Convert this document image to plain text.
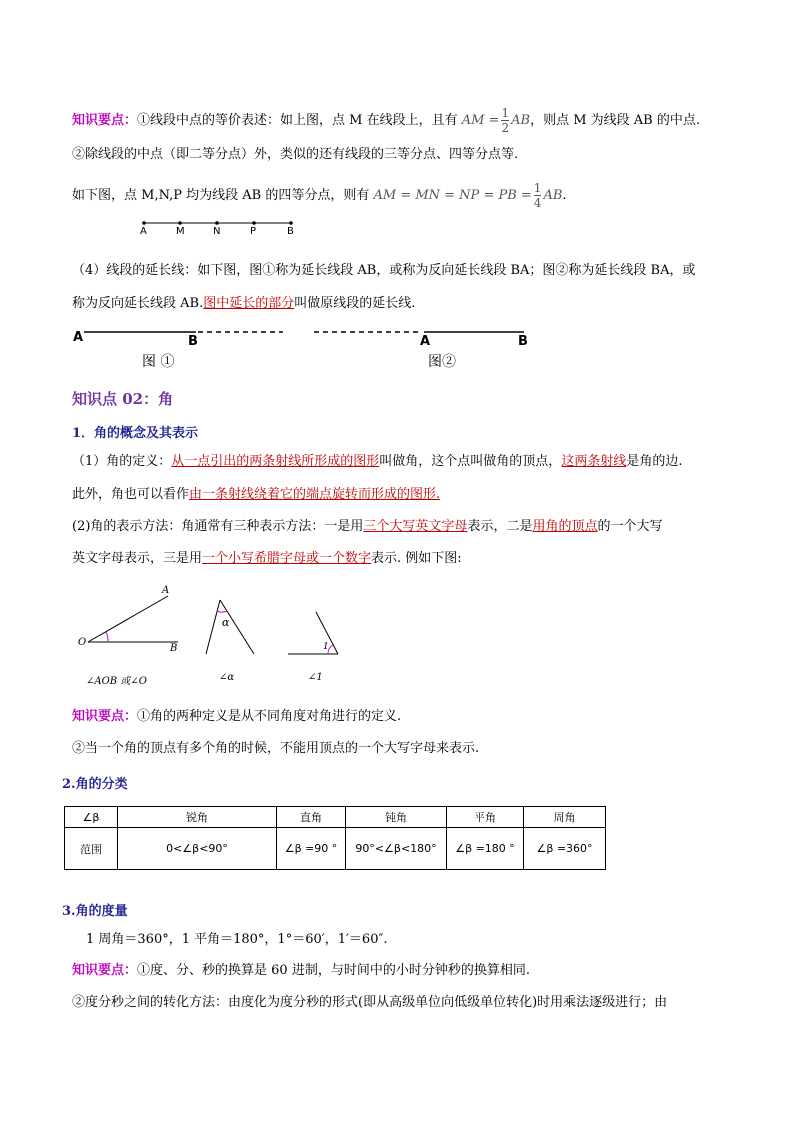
知识要点：①线段中点的等价表述：如上图，点 M 在线段上，且有 AM = $\frac{1}{2}$ AB，则点 M 为线段 AB 的中点.
②除线段的中点（即二等分点）外，类似的还有线段的三等分点、四等分点等.
如下图，点 M,N,P 均为线段 AB 的四等分点，则有 AM = MN = NP = PB = $\frac{1}{4}$ AB.
A	M	N	P	B
（4）线段的延长线：如下图，图①称为延长线段 AB，或称为反向延长线段 BA；图②称为延长线段 BA，或
称为反向延长线段 AB.图中延长的部分叫做原线段的延长线.
A	B
图 ①
A	B
图②
知识点 02：角
1．角的概念及其表示
（1）角的定义：从一点引出的两条射线所形成的图形叫做角，这个点叫做角的顶点，这两条射线是角的边.
此外，角也可以看作由一条射线绕着它的端点旋转而形成的图形.
(2)角的表示方法：角通常有三种表示方法：一是用三个大写英文字母表示，二是用角的顶点的一个大写
英文字母表示，三是用一个小写希腊字母或一个数字表示. 例如下图:
A
O
B
∠AOB 或∠O
α
∠α
1
∠1
知识要点：①角的两种定义是从不同角度对角进行的定义.
②当一个角的顶点有多个角的时候，不能用顶点的一个大写字母来表示.
2.角的分类
∠β	锐角	直角	钝角	平角	周角
范围	0<∠β<90°	∠β =90 °	90°<∠β<180°	∠β =180 °	∠β =360°
3.角的度量
1 周角＝360°，1 平角＝180°，1°＝60′，1′＝60″.
知识要点：①度、分、秒的换算是 60 进制，与时间中的小时分钟秒的换算相同.
②度分秒之间的转化方法：由度化为度分秒的形式(即从高级单位向低级单位转化)时用乘法逐级进行；由
